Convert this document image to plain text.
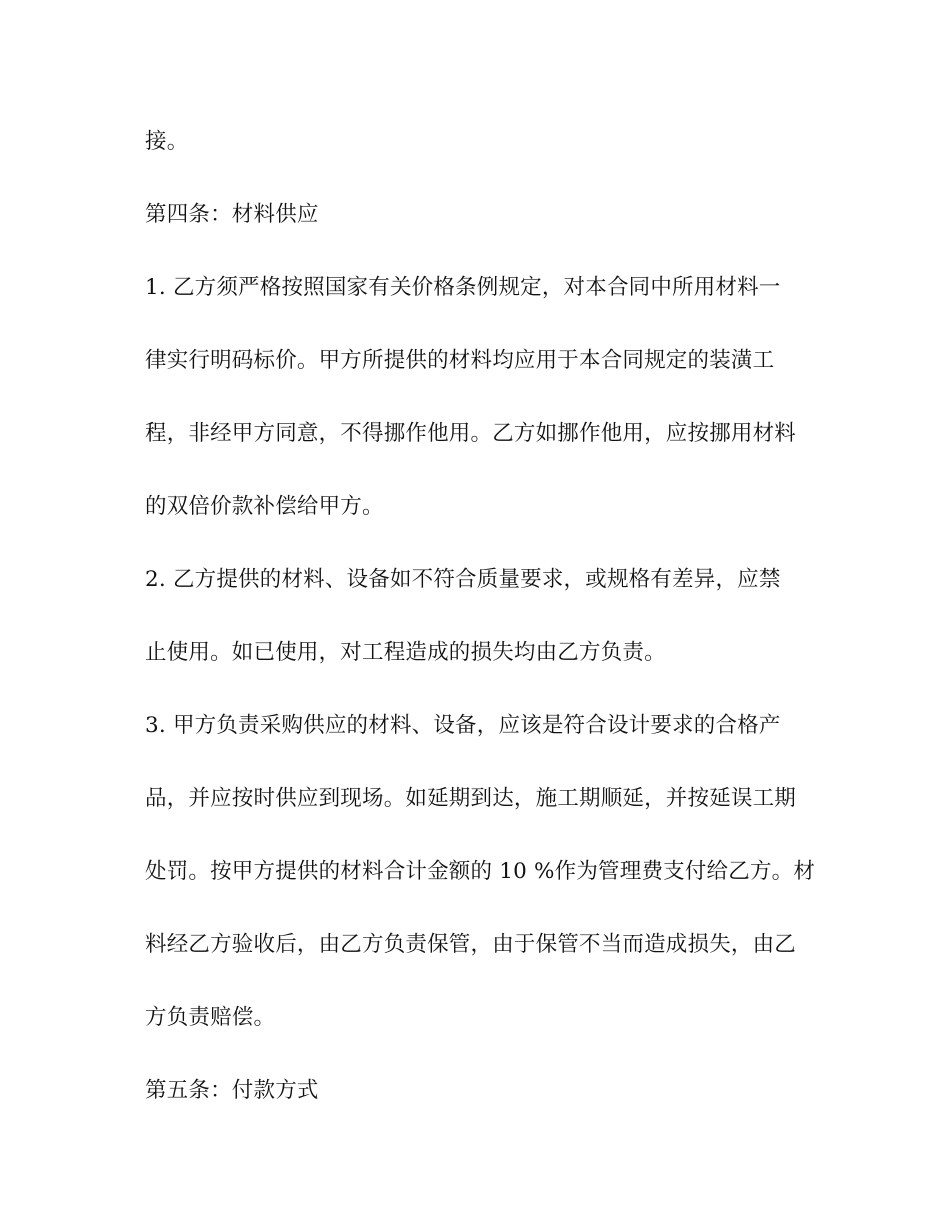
接。
第四条：材料供应
1. 乙方须严格按照国家有关价格条例规定，对本合同中所用材料一
律实行明码标价。甲方所提供的材料均应用于本合同规定的装潢工
程，非经甲方同意，不得挪作他用。乙方如挪作他用，应按挪用材料
的双倍价款补偿给甲方。
2. 乙方提供的材料、设备如不符合质量要求，或规格有差异，应禁
止使用。如已使用，对工程造成的损失均由乙方负责。
3. 甲方负责采购供应的材料、设备，应该是符合设计要求的合格产
品，并应按时供应到现场。如延期到达，施工期顺延，并按延误工期
处罚。按甲方提供的材料合计金额的 10 %作为管理费支付给乙方。材
料经乙方验收后，由乙方负责保管，由于保管不当而造成损失，由乙
方负责赔偿。
第五条：付款方式
